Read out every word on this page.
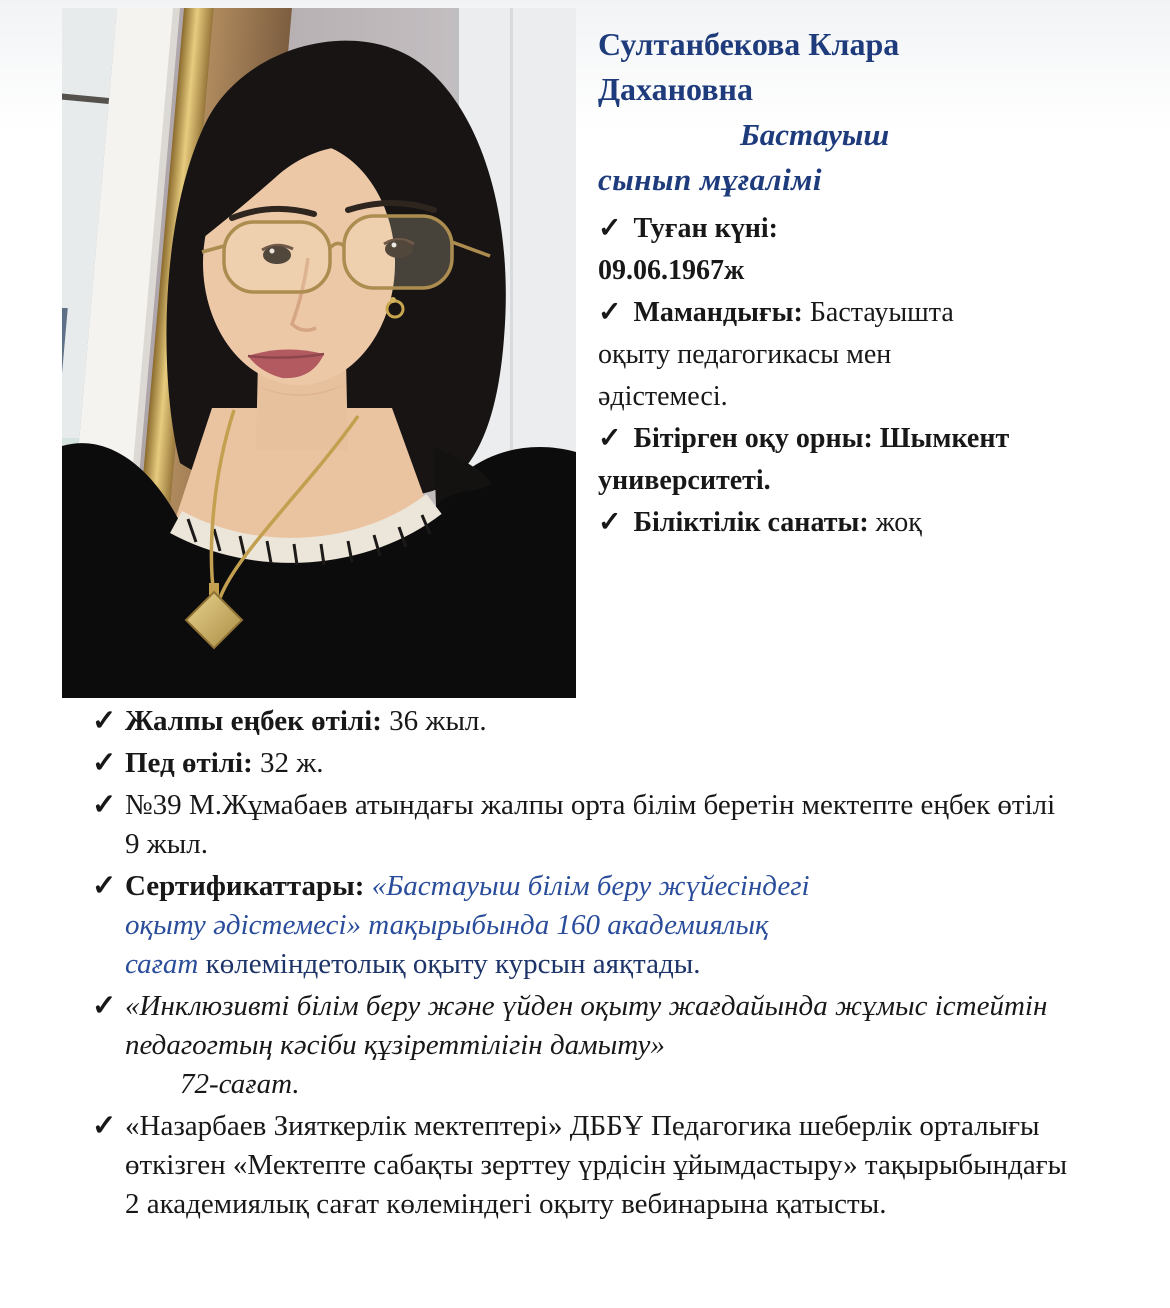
Султанбекова Клара Дахановна
Бастауыш
сынып мұғалімі
✓ Туған күні:
09.06.1967ж
✓ Мамандығы: Бастауышта оқыту педагогикасы мен әдістемесі.
✓ Бітірген оқу орны: Шымкент университеті.
✓ Біліктілік санаты: жоқ
✓ Жалпы еңбек өтілі: 36 жыл.
✓ Пед өтілі: 32 ж.
✓ №39 М.Жұмабаев атындағы жалпы орта білім беретін мектепте еңбек өтілі 9 жыл.
✓ Сертификаттары: «Бастауыш білім беру жүйесіндегі оқыту әдістемесі» тақырыбында 160 академиялық сағат көлеміндетолық оқыту курсын аяқтады.
✓ «Инклюзивті білім беру және үйден оқыту жағдайында жұмыс істейтін педагогтың кәсіби құзіреттілігін дамыту»
72-сағат.
✓ «Назарбаев Зияткерлік мектептері» ДББҰ Педагогика шеберлік орталығы өткізген «Мектепте сабақты зерттеу үрдісін ұйымдастыру» тақырыбындағы 2 академиялық сағат көлеміндегі оқыту вебинарына қатысты.
